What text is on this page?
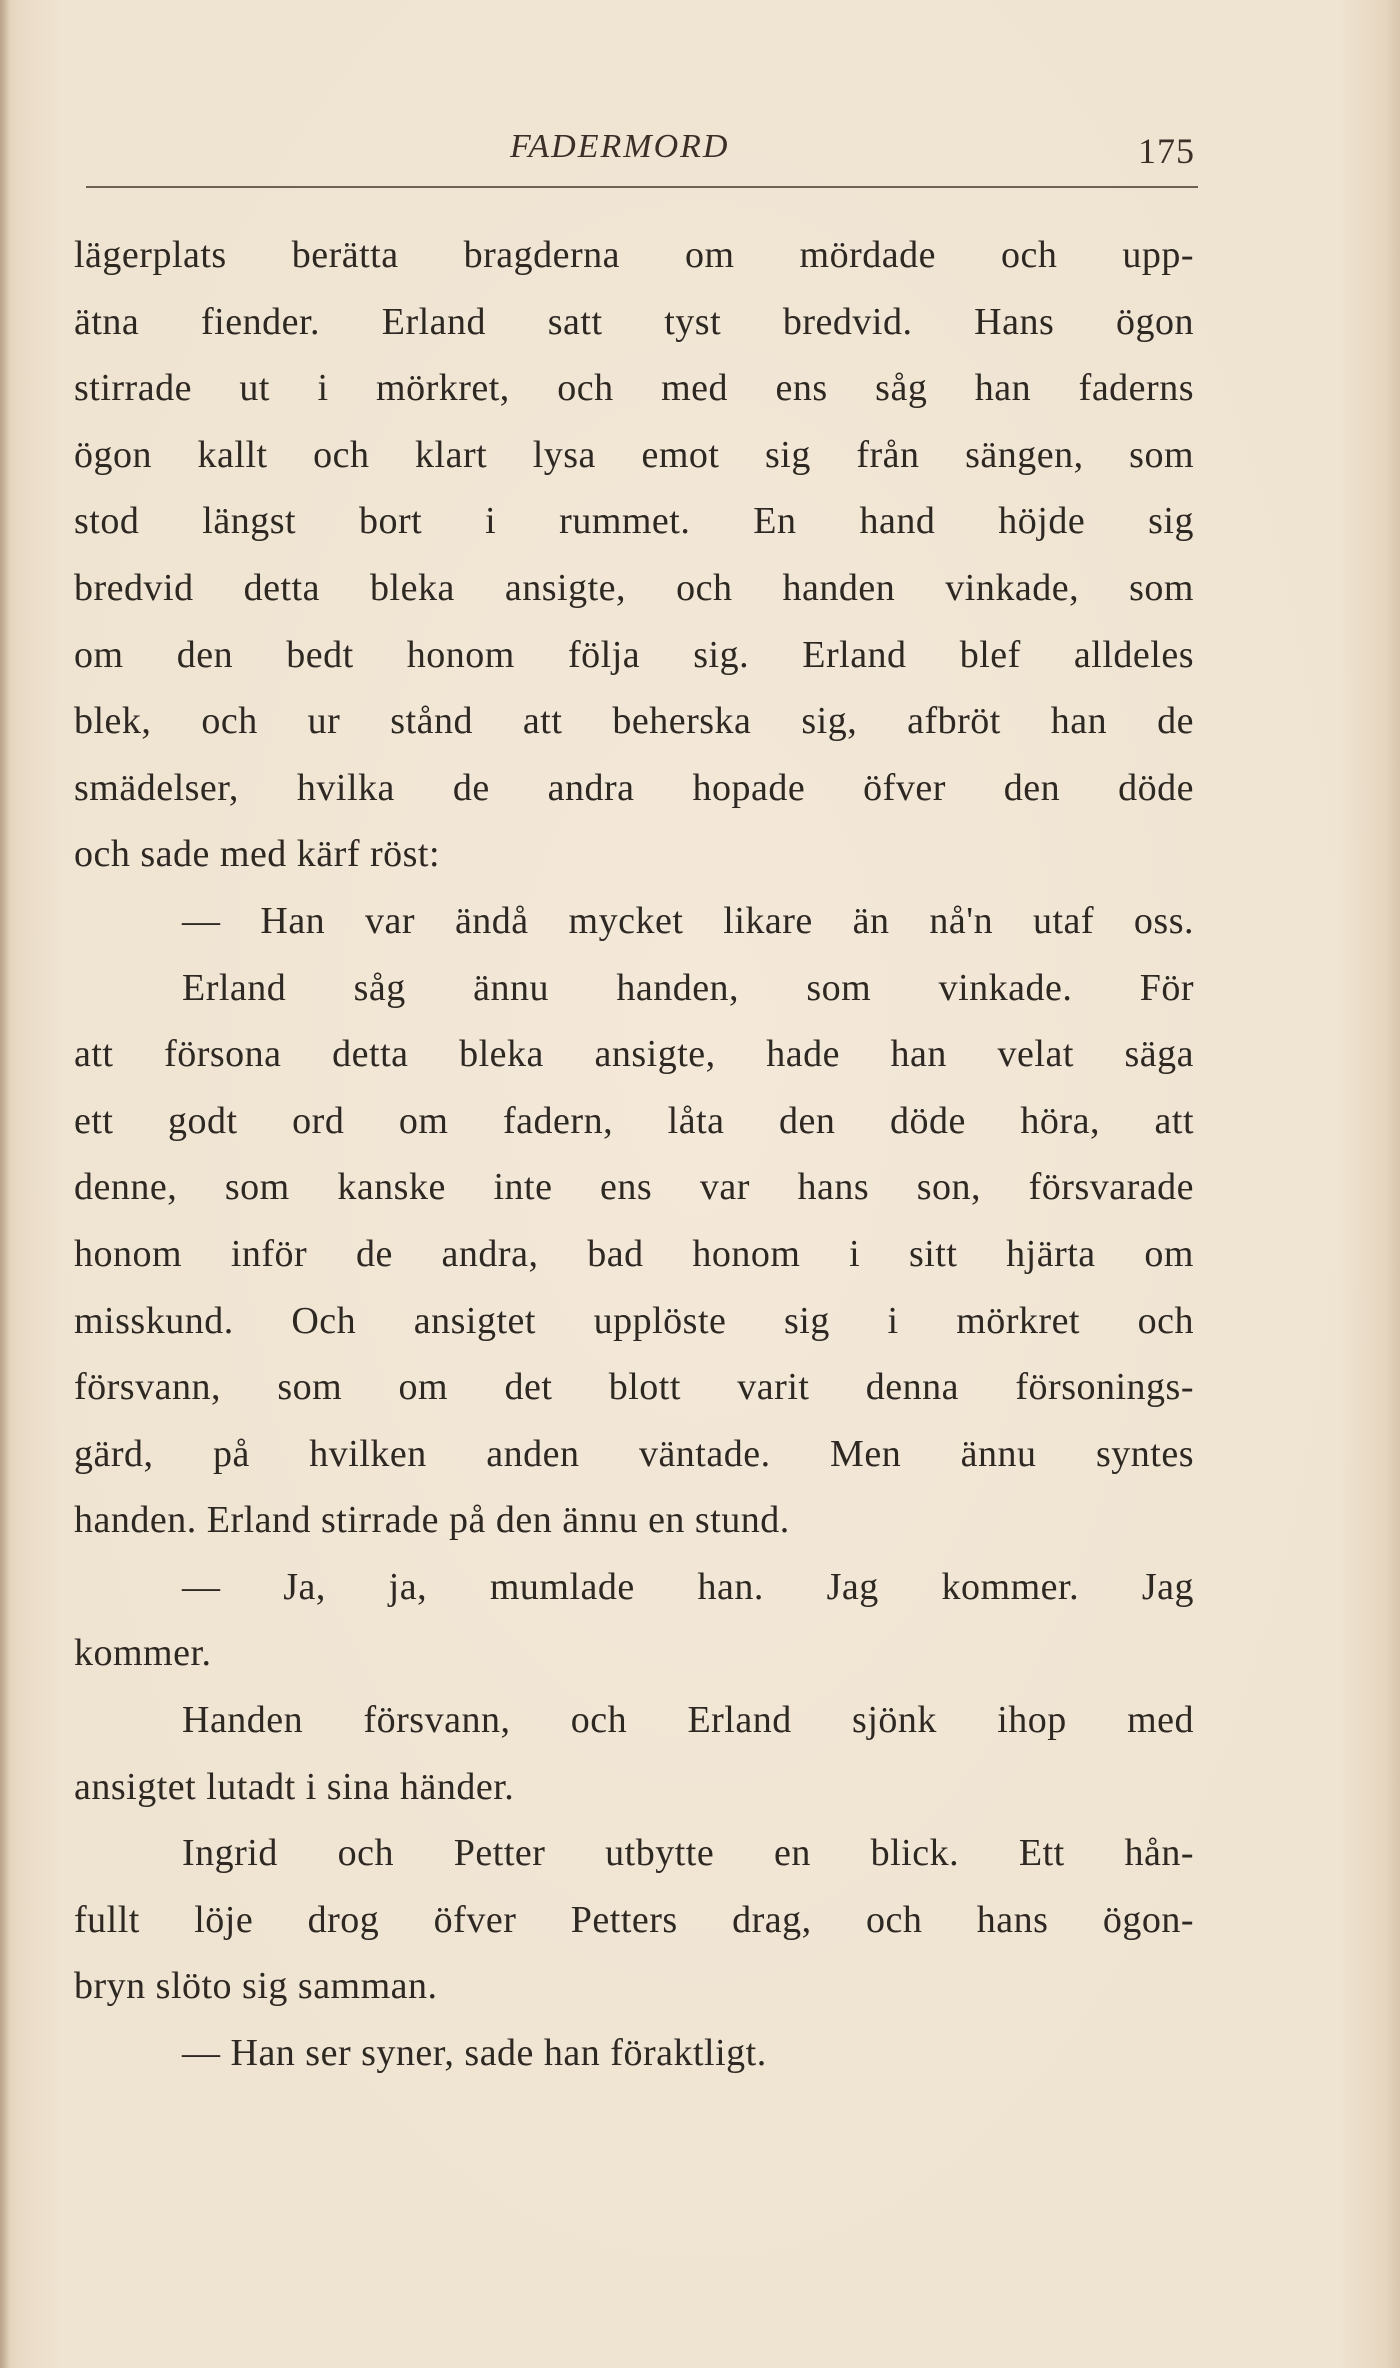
FADERMORD	175
lägerplats berätta bragderna om mördade och upp-
ätna fiender. Erland satt tyst bredvid. Hans ögon
stirrade ut i mörkret, och med ens såg han faderns
ögon kallt och klart lysa emot sig från sängen, som
stod längst bort i rummet. En hand höjde sig
bredvid detta bleka ansigte, och handen vinkade, som
om den bedt honom följa sig. Erland blef alldeles
blek, och ur stånd att beherska sig, afbröt han de
smädelser, hvilka de andra hopade öfver den döde
och sade med kärf röst:
— Han var ändå mycket likare än nå'n utaf oss.
Erland såg ännu handen, som vinkade. För
att försona detta bleka ansigte, hade han velat säga
ett godt ord om fadern, låta den döde höra, att
denne, som kanske inte ens var hans son, försvarade
honom inför de andra, bad honom i sitt hjärta om
misskund. Och ansigtet upplöste sig i mörkret och
försvann, som om det blott varit denna försonings-
gärd, på hvilken anden väntade. Men ännu syntes
handen. Erland stirrade på den ännu en stund.
— Ja, ja, mumlade han. Jag kommer. Jag
kommer.
Handen försvann, och Erland sjönk ihop med
ansigtet lutadt i sina händer.
Ingrid och Petter utbytte en blick. Ett hån-
fullt löje drog öfver Petters drag, och hans ögon-
bryn slöto sig samman.
— Han ser syner, sade han föraktligt.
